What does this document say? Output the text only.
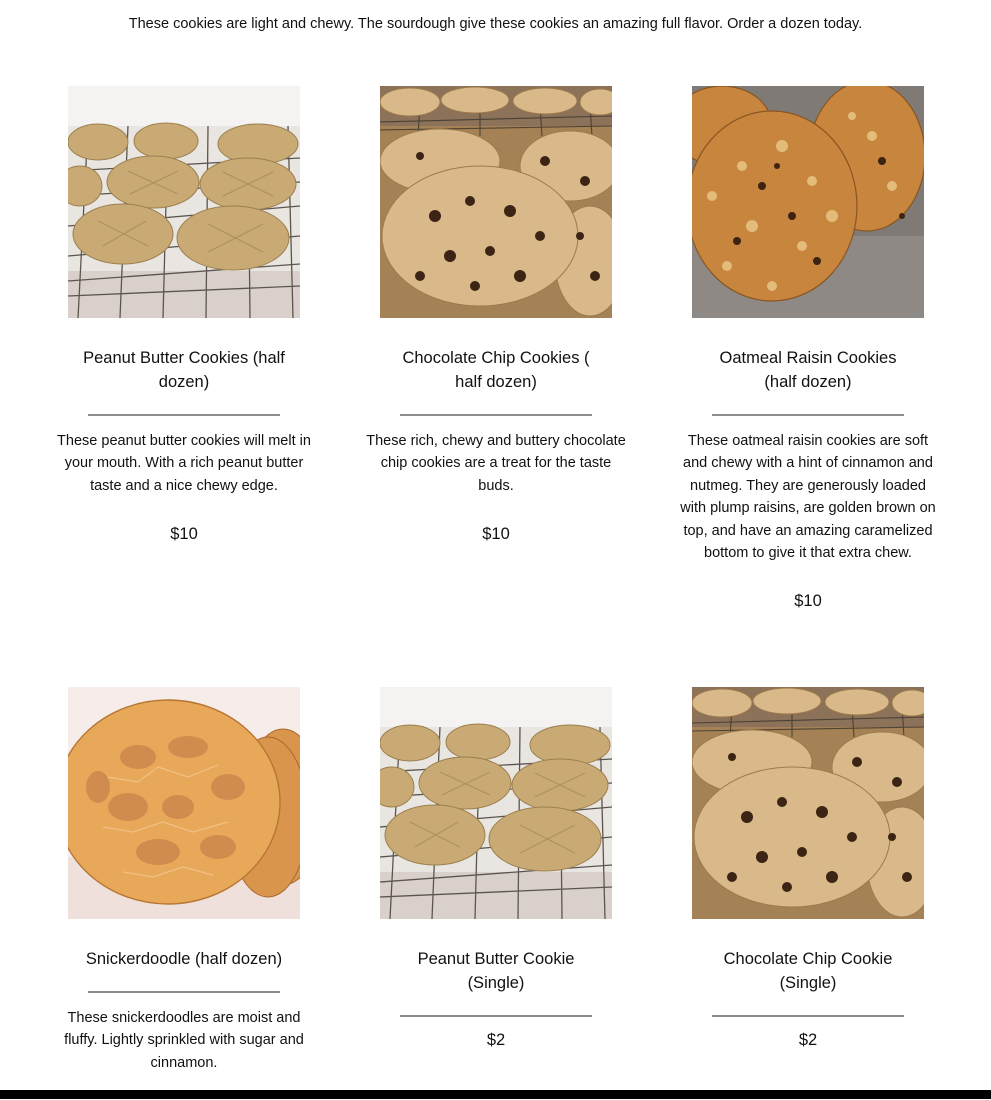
These cookies are light and chewy. The sourdough give these cookies an amazing full flavor. Order a dozen today.
Peanut Butter Cookies (half dozen)
These peanut butter cookies will melt in your mouth. With a rich peanut butter taste and a nice chewy edge.
$10
Chocolate Chip Cookies ( half dozen)
These rich, chewy and buttery chocolate chip cookies are a treat for the taste buds.
$10
Oatmeal Raisin Cookies (half dozen)
These oatmeal raisin cookies are soft and chewy with a hint of cinnamon and nutmeg. They are generously loaded with plump raisins, are golden brown on top, and have an amazing caramelized bottom to give it that extra chew.
$10
Snickerdoodle (half dozen)
These snickerdoodles are moist and fluffy. Lightly sprinkled with sugar and cinnamon.
Peanut Butter Cookie (Single)
$2
Chocolate Chip Cookie (Single)
$2
